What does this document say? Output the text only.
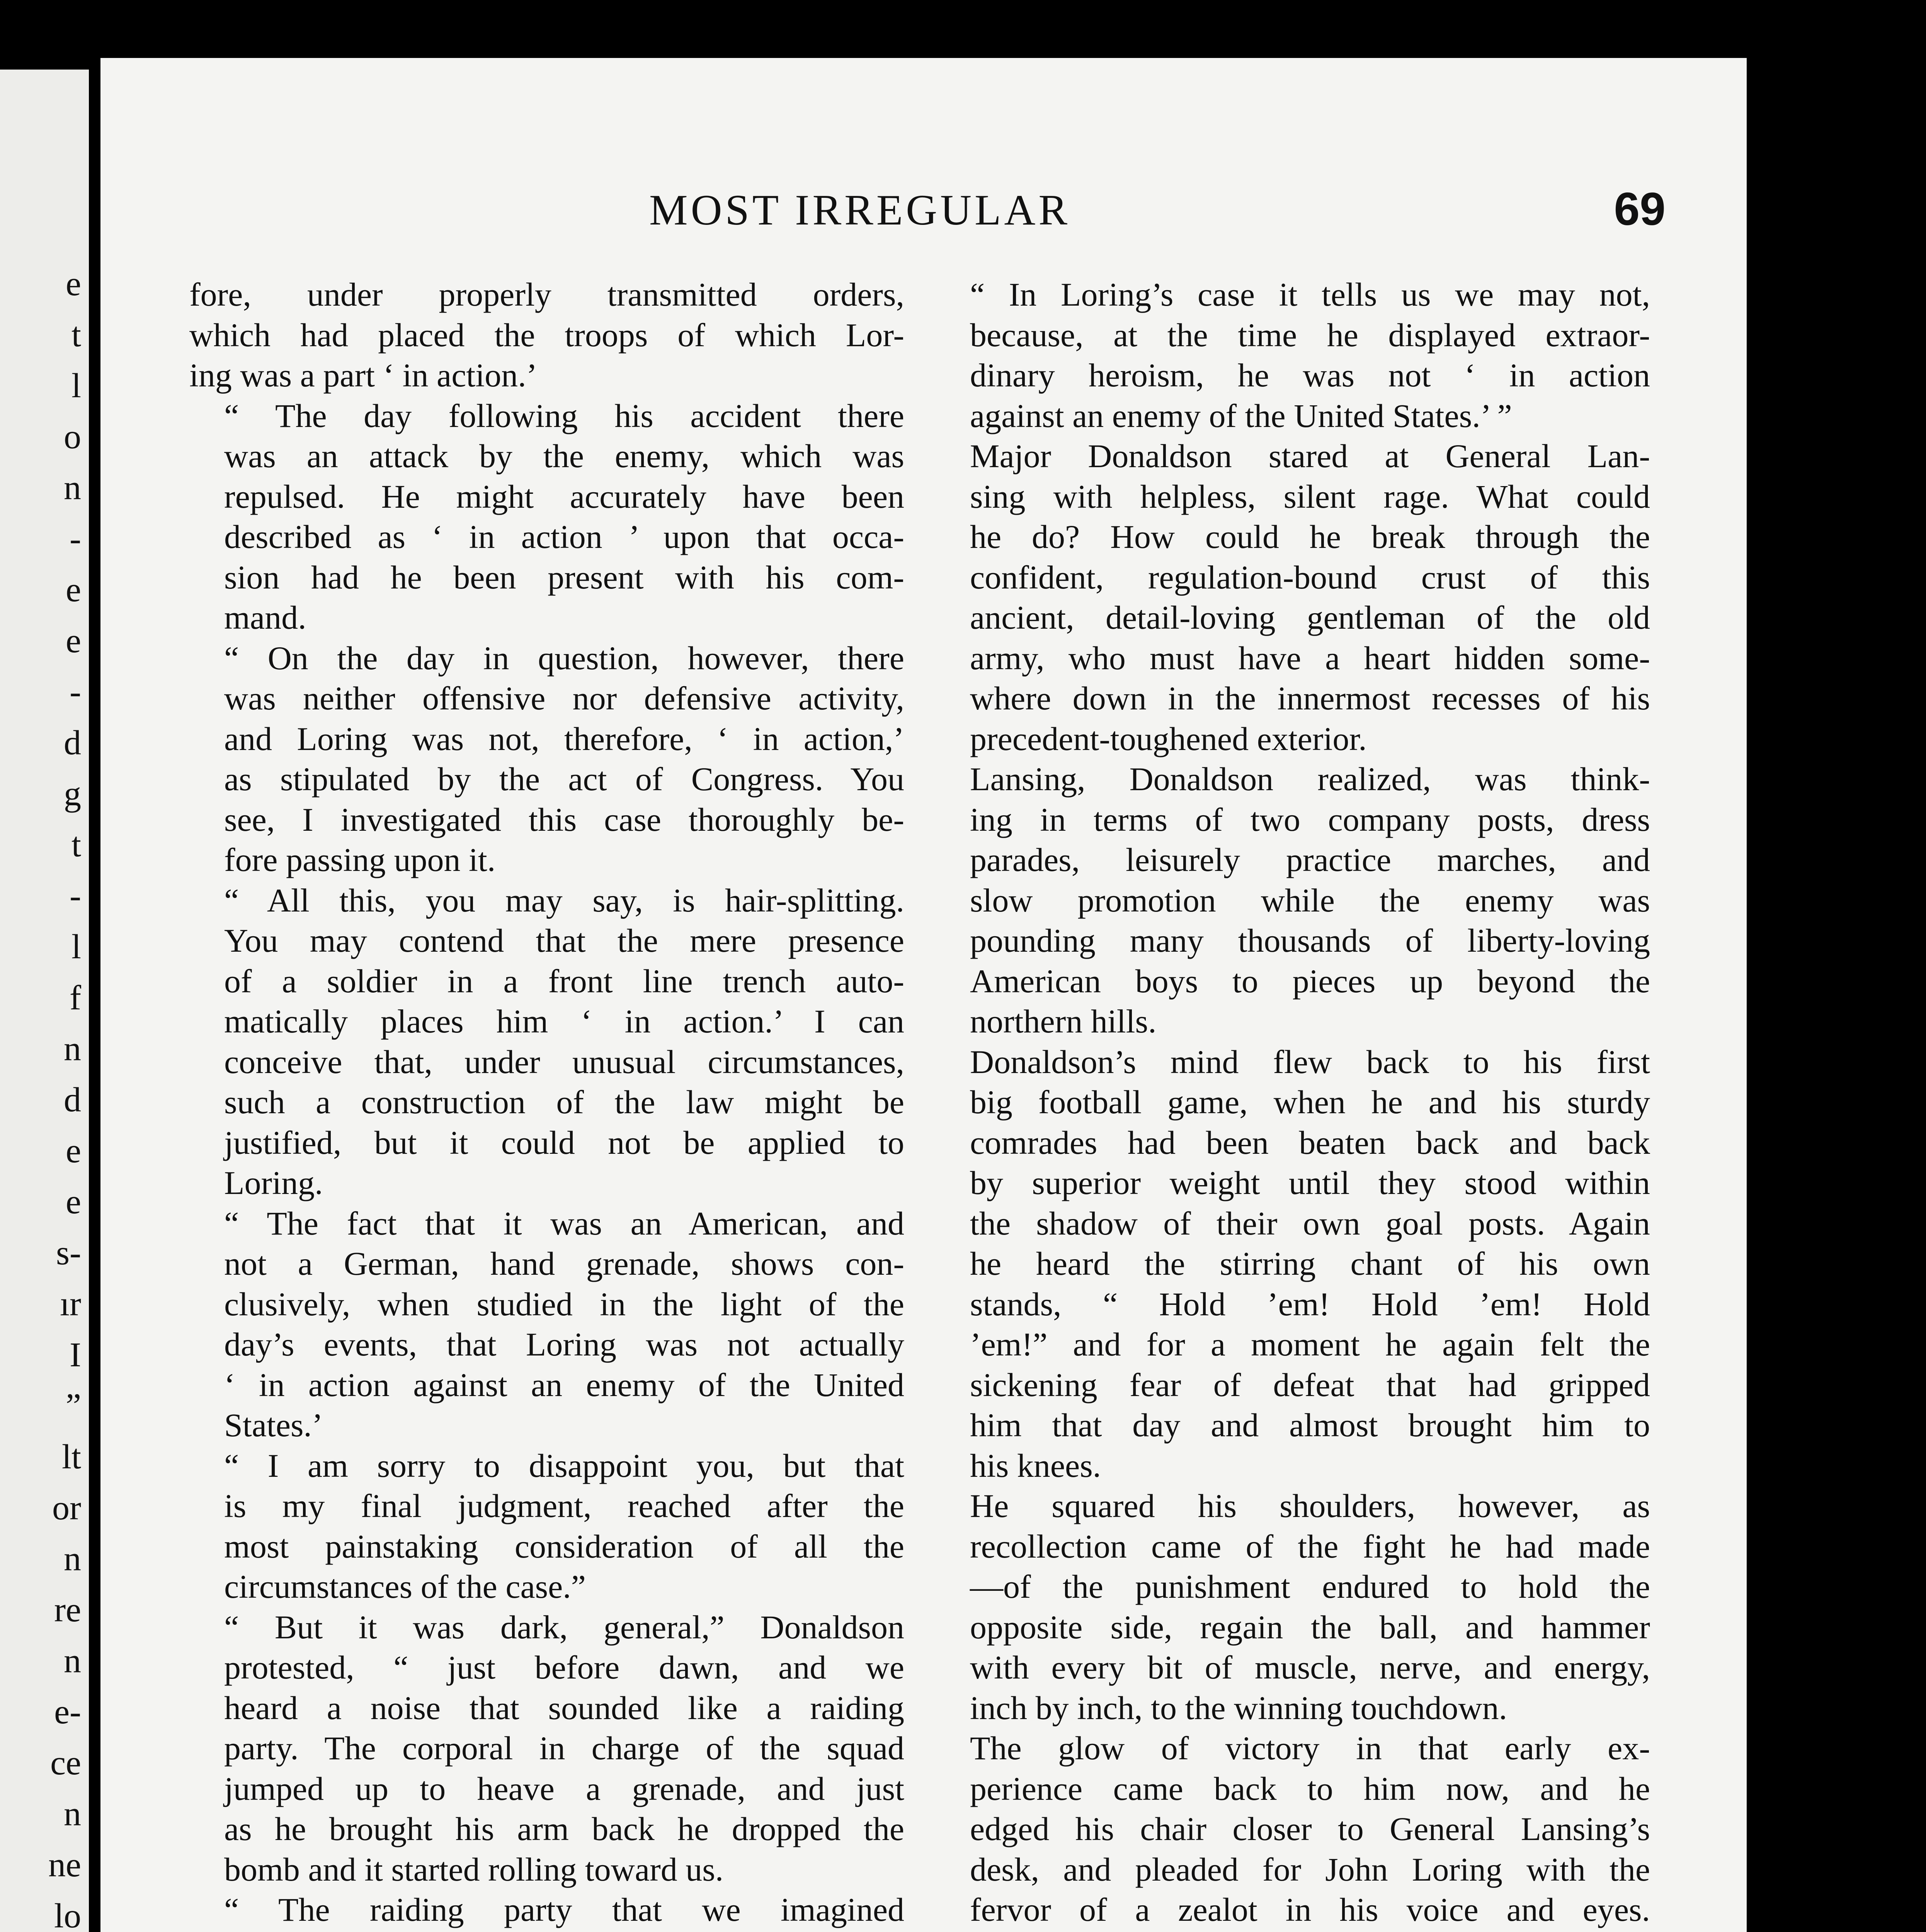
e
t
l
o
n
-
e
e
-
d
g
t
-
l
f
n
d
e
e
s-
ır
I
”
lt
or
n
re
n
e-
ce
n
ne
lo
MOST IRREGULAR	69

fore, under properly transmitted orders,
which had placed the troops of which Lor-
ing was a part ‘ in action.’

“ The day following his accident there
was an attack by the enemy, which was
repulsed. He might accurately have been
described as ‘ in action ’ upon that occa-
sion had he been present with his com-
mand.

“ On the day in question, however, there
was neither offensive nor defensive activity,
and Loring was not, therefore, ‘ in action,’
as stipulated by the act of Congress. You
see, I investigated this case thoroughly be-
fore passing upon it.

“ All this, you may say, is hair-splitting.
You may contend that the mere presence
of a soldier in a front line trench auto-
matically places him ‘ in action.’ I can
conceive that, under unusual circumstances,
such a construction of the law might be
justified, but it could not be applied to
Loring.

“ The fact that it was an American, and
not a German, hand grenade, shows con-
clusively, when studied in the light of the
day’s events, that Loring was not actually
‘ in action against an enemy of the United
States.’

“ I am sorry to disappoint you, but that
is my final judgment, reached after the
most painstaking consideration of all the
circumstances of the case.”

“ But it was dark, general,” Donaldson
protested, “ just before dawn, and we
heard a noise that sounded like a raiding
party. The corporal in charge of the squad
jumped up to heave a grenade, and just
as he brought his arm back he dropped the
bomb and it started rolling toward us.

“ The raiding party that we imagined

“ In Loring’s case it tells us we may not,
because, at the time he displayed extraor-
dinary heroism, he was not ‘ in action
against an enemy of the United States.’ ”

Major Donaldson stared at General Lan-
sing with helpless, silent rage. What could
he do? How could he break through the
confident, regulation-bound crust of this
ancient, detail-loving gentleman of the old
army, who must have a heart hidden some-
where down in the innermost recesses of his
precedent-toughened exterior.

Lansing, Donaldson realized, was think-
ing in terms of two company posts, dress
parades, leisurely practice marches, and
slow promotion while the enemy was
pounding many thousands of liberty-loving
American boys to pieces up beyond the
northern hills.

Donaldson’s mind flew back to his first
big football game, when he and his sturdy
comrades had been beaten back and back
by superior weight until they stood within
the shadow of their own goal posts. Again
he heard the stirring chant of his own
stands, “ Hold ’em! Hold ’em! Hold
’em!” and for a moment he again felt the
sickening fear of defeat that had gripped
him that day and almost brought him to
his knees.

He squared his shoulders, however, as
recollection came of the fight he had made
—of the punishment endured to hold the
opposite side, regain the ball, and hammer
with every bit of muscle, nerve, and energy,
inch by inch, to the winning touchdown.

The glow of victory in that early ex-
perience came back to him now, and he
edged his chair closer to General Lansing’s
desk, and pleaded for John Loring with the
fervor of a zealot in his voice and eyes.
